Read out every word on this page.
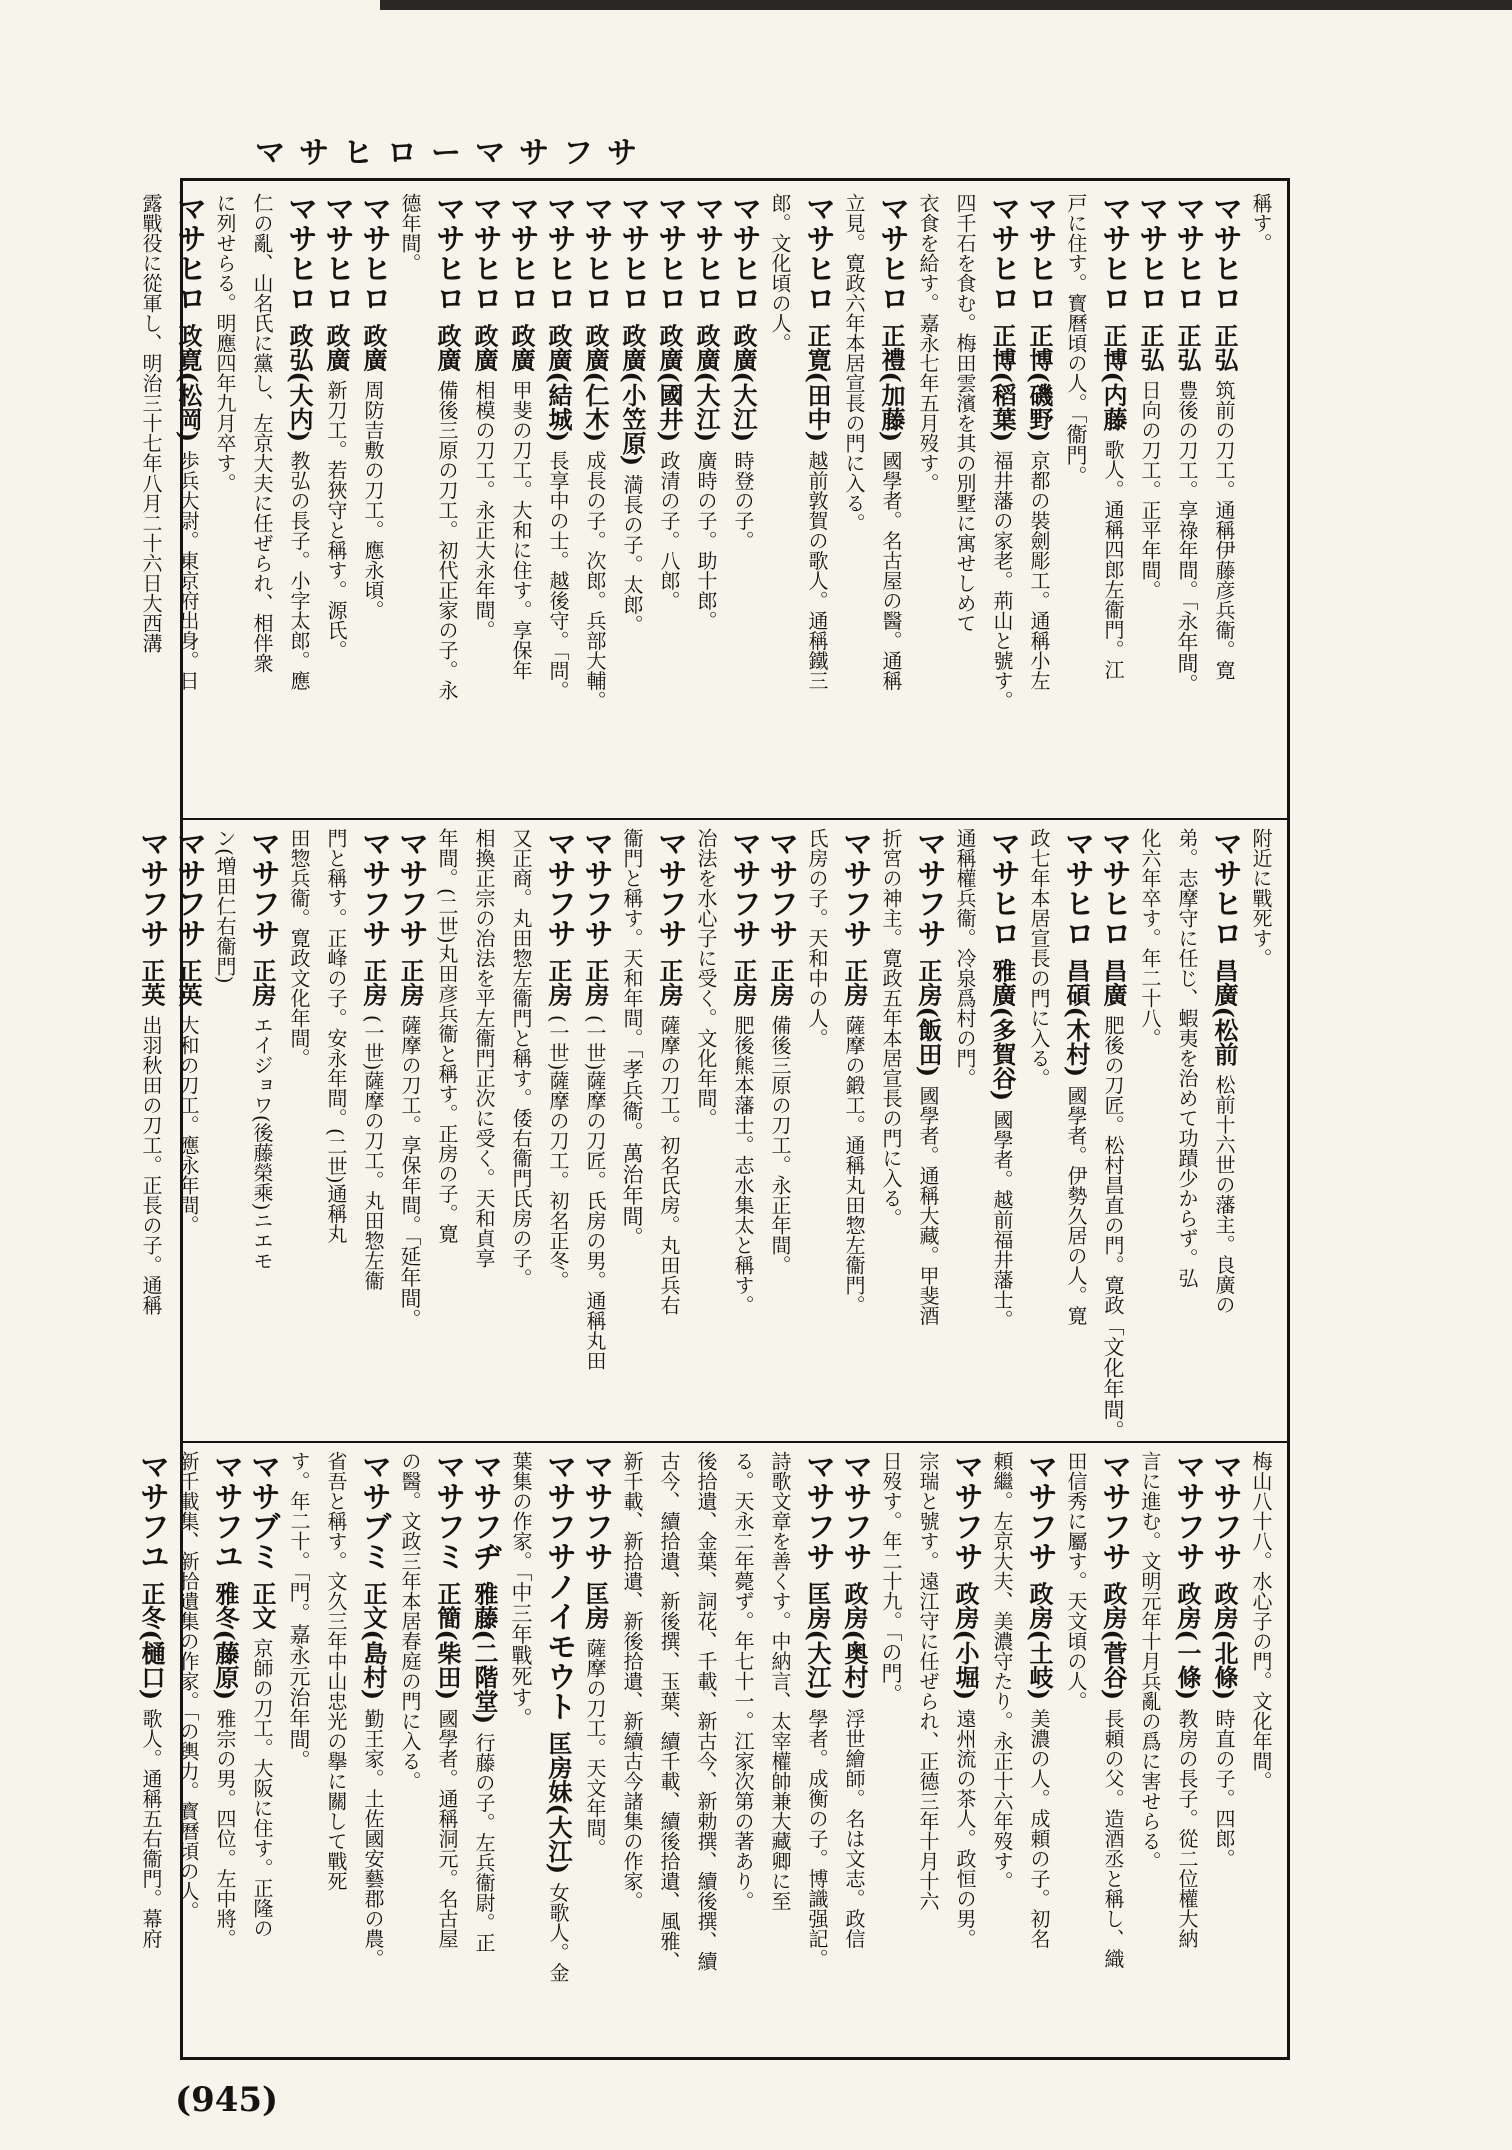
マサヒローマサフサ
稱す。
マサヒロ 正弘 筑前の刀工。通稱伊藤彦兵衞。寛
マサヒロ 正弘 豊後の刀工。享祿年間。「永年間。
マサヒロ 正弘 日向の刀工。正平年間。
マサヒロ 正博(内藤 歌人。通稱四郎左衞門。江
戸に住す。寳曆頃の人。「衞門。
マサヒロ 正博(磯野) 京都の裝劍彫工。通稱小左
マサヒロ 正博(稻葉) 福井藩の家老。荊山と號す。
四千石を食む。梅田雲濱を其の別墅に寓せしめて
衣食を給す。嘉永七年五月歿す。
マサヒロ 正禮(加藤) 國學者。名古屋の醫。通稱
立見。寛政六年本居宣長の門に入る。
マサヒロ 正寛(田中) 越前敦賀の歌人。通稱鐵三
郎。文化頃の人。
マサヒロ 政廣(大江) 時登の子。
マサヒロ 政廣(大江) 廣時の子。助十郎。
マサヒロ 政廣(國井) 政清の子。八郎。
マサヒロ 政廣(小笠原) 満長の子。太郎。
マサヒロ 政廣(仁木) 成長の子。次郎。兵部大輔。
マサヒロ 政廣(結城) 長享中の士。越後守。「問。
マサヒロ 政廣 甲斐の刀工。大和に住す。享保年
マサヒロ 政廣 相模の刀工。永正大永年間。
マサヒロ 政廣 備後三原の刀工。初代正家の子。永
德年間。
マサヒロ 政廣 周防吉敷の刀工。應永頃。
マサヒロ 政廣 新刀工。若狹守と稱す。源氏。
マサヒロ 政弘(大内) 教弘の長子。小字太郎。應
仁の亂、山名氏に黨し、左京大夫に任ぜられ、相伴衆
に列せらる。明應四年九月卒す。
マサヒロ 政寛(松岡) 歩兵大尉。東京府出身。日
露戰役に從軍し、明治三十七年八月二十六日大西溝
附近に戰死す。
マサヒロ 昌廣(松前 松前十六世の藩主。良廣の
弟。志摩守に任じ、蝦夷を治めて功蹟少からず。弘
化六年卒す。年二十八。
マサヒロ 昌廣 肥後の刀匠。松村昌直の門。寛政「文化年間。
マサヒロ 昌碩(木村) 國學者。伊勢久居の人。寛
政七年本居宣長の門に入る。
マサヒロ 雅廣(多賀谷) 國學者。越前福井藩士。
通稱權兵衞。冷泉爲村の門。
マサフサ 正房(飯田) 國學者。通稱大藏。甲斐酒
折宮の神主。寛政五年本居宣長の門に入る。
マサフサ 正房 薩摩の鍛工。通稱丸田惣左衞門。
氏房の子。天和中の人。
マサフサ 正房 備後三原の刀工。永正年間。
マサフサ 正房 肥後熊本藩士。志水集太と稱す。
冶法を水心子に受く。文化年間。
マサフサ 正房 薩摩の刀工。初名氏房。丸田兵右
衞門と稱す。天和年間。「孝兵衞。萬治年間。
マサフサ 正房 (一世)薩摩の刀匠。氏房の男。通稱丸田
マサフサ 正房 (一世)薩摩の刀工。初名正冬。
又正商。丸田惣左衞門と稱す。倭右衞門氏房の子。
相換正宗の冶法を平左衞門正次に受く。天和貞享
年間。(二世)丸田彦兵衞と稱す。正房の子。寛
マサフサ 正房 薩摩の刀工。享保年間。「延年間。
マサフサ 正房 (一世)薩摩の刀工。丸田惣左衞
門と稱す。正峰の子。安永年間。(二世)通稱丸
田惣兵衞。寛政文化年間。
マサフサ 正房 エイジョワ(後藤榮乘)ニエモ
ン(増田仁右衞門)
マサフサ 正英 大和の刀工。應永年間。
マサフサ 正英 出羽秋田の刀工。正長の子。通稱
梅山八十八。水心子の門。文化年間。
マサフサ 政房(北條) 時直の子。四郎。
マサフサ 政房(一條) 教房の長子。從二位權大納
言に進む。文明元年十月兵亂の爲に害せらる。
マサフサ 政房(菅谷) 長頼の父。造酒丞と稱し、織
田信秀に屬す。天文頃の人。
マサフサ 政房(土岐) 美濃の人。成頼の子。初名
頼繼。左京大夫、美濃守たり。永正十六年歿す。
マサフサ 政房(小堀) 遠州流の茶人。政恒の男。
宗瑞と號す。遠江守に任ぜられ、正德三年十月十六
日歿す。年二十九。「の門。
マサフサ 政房(奥村) 浮世繪師。名は文志。政信
マサフサ 匡房(大江) 學者。成衡の子。博識强記。
詩歌文章を善くす。中納言、太宰權帥兼大藏卿に至
る。天永二年薨ず。年七十一。江家次第の著あり。
後拾遺、金葉、詞花、千載、新古今、新勅撰、續後撰、續
古今、續拾遺、新後撰、玉葉、續千載、續後拾遺、風雅、
新千載、新拾遺、新後拾遺、新續古今諸集の作家。
マサフサ 匡房 薩摩の刀工。天文年間。
マサフサノイモウト 匡房妹(大江) 女歌人。金
葉集の作家。「中三年戰死す。
マサフヂ 雅藤(二階堂) 行藤の子。左兵衞尉。正
マサフミ 正簡(柴田) 國學者。通稱洞元。名古屋
の醫。文政三年本居春庭の門に入る。
マサブミ 正文(島村) 勤王家。土佐國安藝郡の農。
省吾と稱す。文久三年中山忠光の擧に關して戰死
す。年二十。「門。嘉永元治年間。
マサブミ 正文 京師の刀工。大阪に住す。正隆の
マサフユ 雅冬(藤原) 雅宗の男。四位。左中將。
新千載集、新拾遺集の作家。「の輿力。寳曆頃の人。
マサフユ 正冬(樋口) 歌人。通稱五右衞門。幕府
(945)
